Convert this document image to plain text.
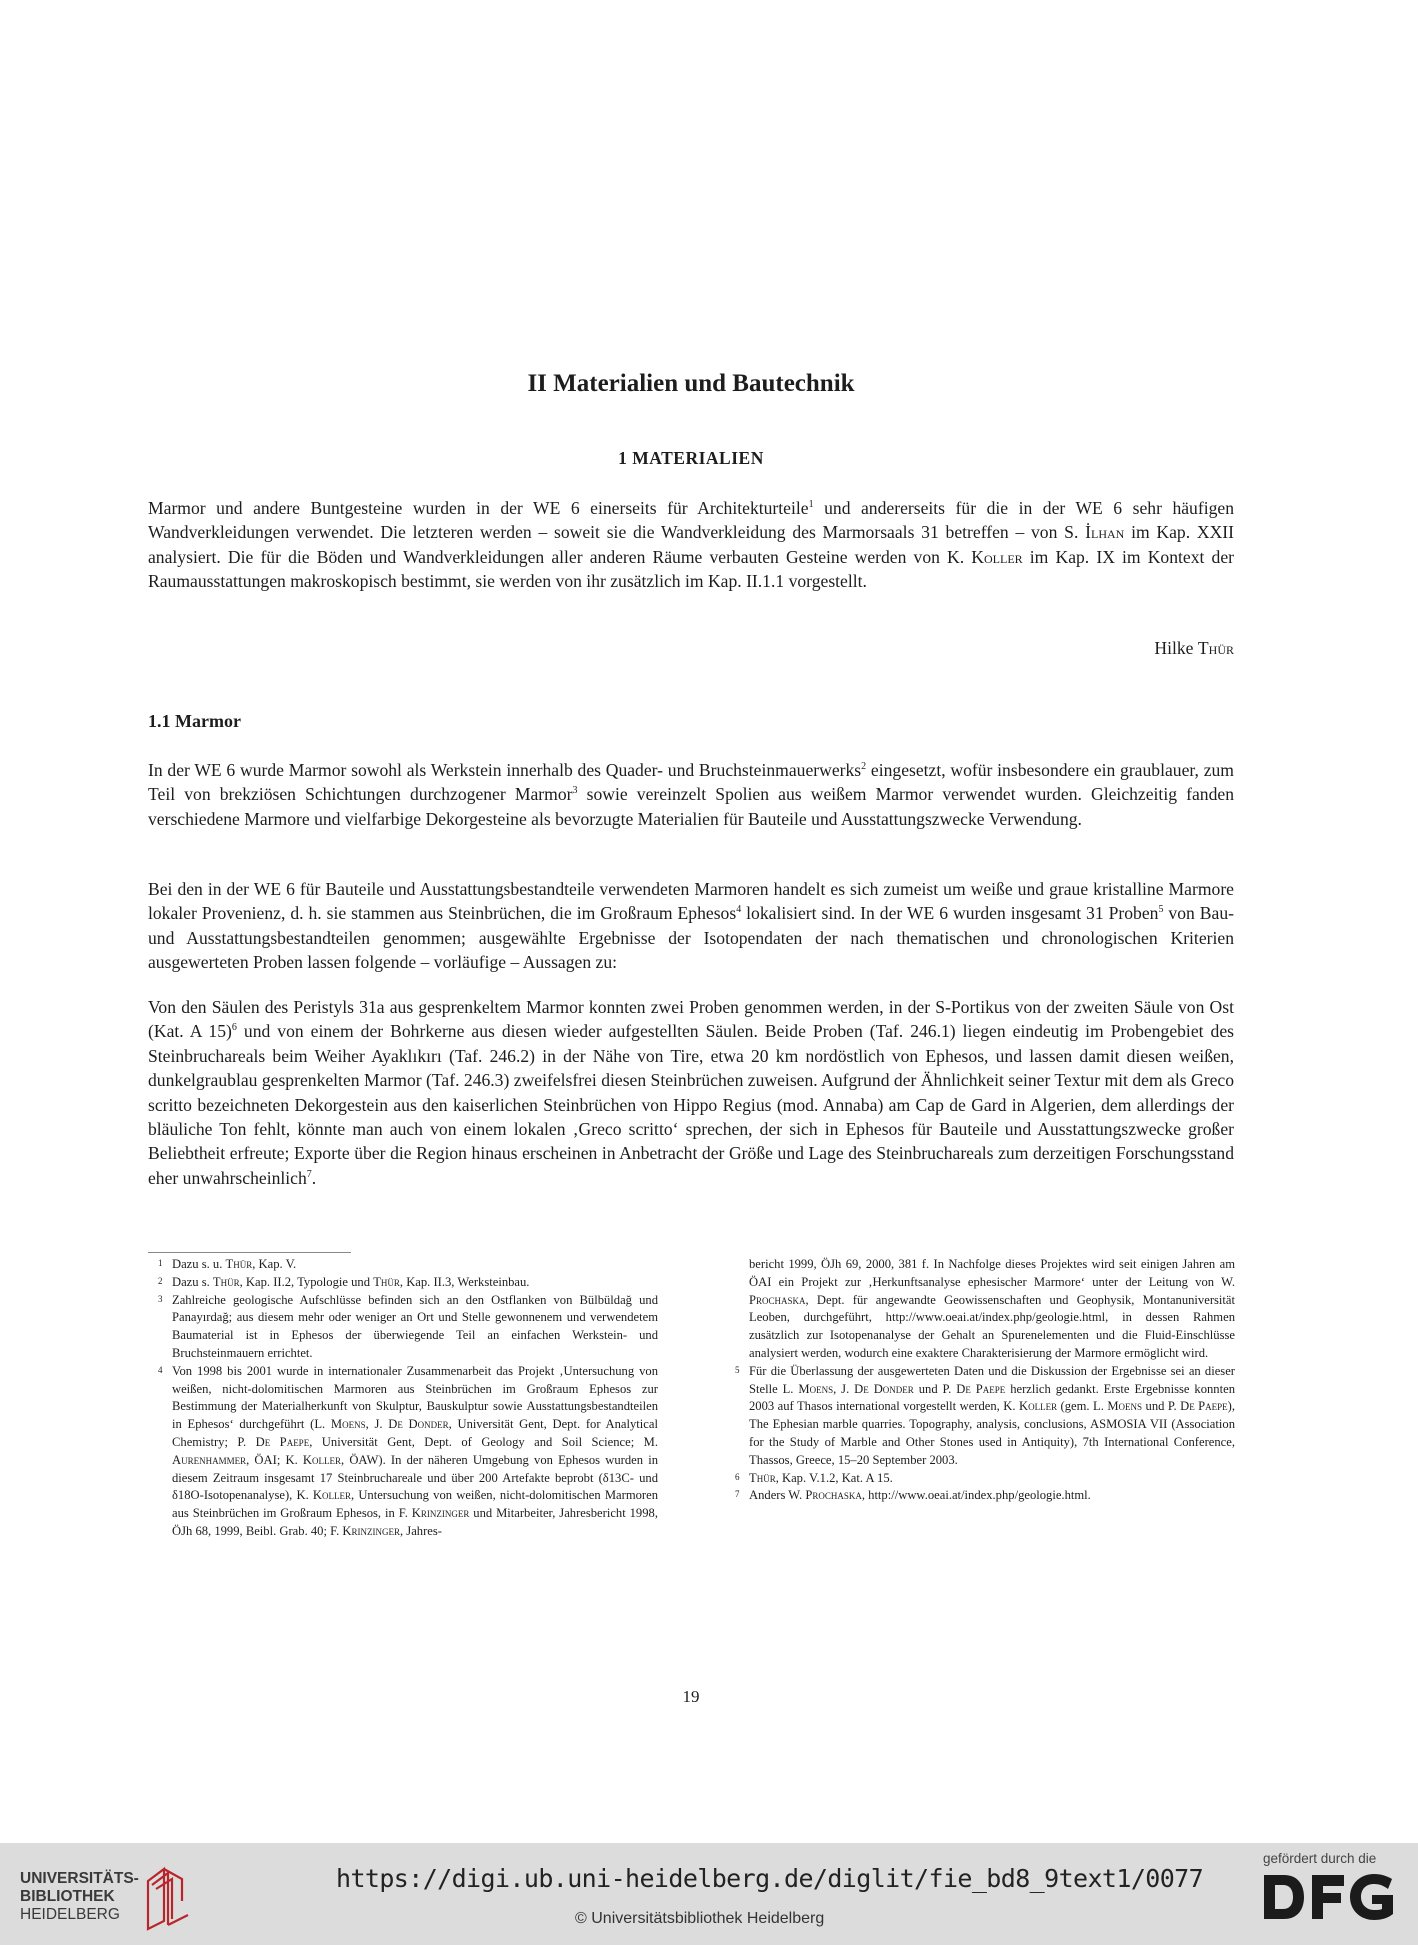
II Materialien und Bautechnik
1 MATERIALIEN

Marmor und andere Buntgesteine wurden in der WE 6 einerseits für Architekturteile$^1$ und andererseits für die in der WE 6 sehr häufigen Wandverkleidungen verwendet. Die letzteren werden – soweit sie die Wandverkleidung des Marmorsaals 31 betreffen – von S. İlhan im Kap. XXII analysiert. Die für die Böden und Wandverkleidungen aller anderen Räume verbauten Gesteine werden von K. Koller im Kap. IX im Kontext der Raumausstattungen makroskopisch bestimmt, sie werden von ihr zusätzlich im Kap. II.1.1 vorgestellt.

Hilke Thür
1.1 Marmor

In der WE 6 wurde Marmor sowohl als Werkstein innerhalb des Quader- und Bruchsteinmauerwerks$^2$ eingesetzt, wofür insbesondere ein graublauer, zum Teil von brekziösen Schichtungen durchzogener Marmor$^3$ sowie vereinzelt Spolien aus weißem Marmor verwendet wurden. Gleichzeitig fanden verschiedene Marmore und vielfarbige Dekorgesteine als bevorzugte Materialien für Bauteile und Ausstattungszwecke Verwendung.

Bei den in der WE 6 für Bauteile und Ausstattungsbestandteile verwendeten Marmoren handelt es sich zumeist um weiße und graue kristalline Marmore lokaler Provenienz, d. h. sie stammen aus Steinbrüchen, die im Großraum Ephesos$^4$ lokalisiert sind. In der WE 6 wurden insgesamt 31 Proben$^5$ von Bau- und Ausstattungsbestandteilen genommen; ausgewählte Ergebnisse der Isotopendaten der nach thematischen und chronologischen Kriterien ausgewerteten Proben lassen folgende – vorläufige – Aussagen zu:

Von den Säulen des Peristyls 31a aus gesprenkeltem Marmor konnten zwei Proben genommen werden, in der S-Portikus von der zweiten Säule von Ost (Kat. A 15)$^6$ und von einem der Bohrkerne aus diesen wieder aufgestellten Säulen. Beide Proben (Taf. 246.1) liegen eindeutig im Probengebiet des Steinbruchareals beim Weiher Ayaklıkırı (Taf. 246.2) in der Nähe von Tire, etwa 20 km nordöstlich von Ephesos, und lassen damit diesen weißen, dunkelgraublau gesprenkelten Marmor (Taf. 246.3) zweifelsfrei diesen Steinbrüchen zuweisen. Aufgrund der Ähnlichkeit seiner Textur mit dem als Greco scritto bezeichneten Dekorgestein aus den kaiserlichen Steinbrüchen von Hippo Regius (mod. Annaba) am Cap de Gard in Algerien, dem allerdings der bläuliche Ton fehlt, könnte man auch von einem lokalen ‚Greco scritto‘ sprechen, der sich in Ephesos für Bauteile und Ausstattungszwecke großer Beliebtheit erfreute; Exporte über die Region hinaus erscheinen in Anbetracht der Größe und Lage des Steinbruchareals zum derzeitigen Forschungsstand eher unwahrscheinlich$^7$.

1 Dazu s. u. Thür, Kap. V.

2 Dazu s. Thür, Kap. II.2, Typologie und Thür, Kap. II.3, Werksteinbau.

3 Zahlreiche geologische Aufschlüsse befinden sich an den Ostflanken von Bülbüldağ und Panayırdağ; aus diesem mehr oder weniger an Ort und Stelle gewonnenem und verwendetem Baumaterial ist in Ephesos der überwiegende Teil an einfachen Werkstein- und Bruchsteinmauern errichtet.

4 Von 1998 bis 2001 wurde in internationaler Zusammenarbeit das Projekt ‚Untersuchung von weißen, nicht-dolomitischen Marmoren aus Steinbrüchen im Großraum Ephesos zur Bestimmung der Materialherkunft von Skulptur, Bauskulptur sowie Ausstattungsbestandteilen in Ephesos‘ durchgeführt (L. Moens, J. De Donder, Universität Gent, Dept. for Analytical Chemistry; P. De Paepe, Universität Gent, Dept. of Geology and Soil Science; M. Aurenhammer, ÖAI; K. Koller, ÖAW). In der näheren Umgebung von Ephesos wurden in diesem Zeitraum insgesamt 17 Steinbruchareale und über 200 Artefakte beprobt (δ13C- und δ18O-Isotopenanalyse), K. Koller, Untersuchung von weißen, nicht-dolomitischen Marmoren aus Steinbrüchen im Großraum Ephesos, in F. Krinzinger und Mitarbeiter, Jahresbericht 1998, ÖJh 68, 1999, Beibl. Grab. 40; F. Krinzinger, Jahres-

bericht 1999, ÖJh 69, 2000, 381 f. In Nachfolge dieses Projektes wird seit einigen Jahren am ÖAI ein Projekt zur ‚Herkunftsanalyse ephesischer Marmore‘ unter der Leitung von W. Prochaska, Dept. für angewandte Geowissenschaften und Geophysik, Montanuniversität Leoben, durchgeführt, http://www.oeai.at/index.php/geologie.html, in dessen Rahmen zusätzlich zur Isotopenanalyse der Gehalt an Spurenelementen und die Fluid-Einschlüsse analysiert werden, wodurch eine exaktere Charakterisierung der Marmore ermöglicht wird.

5 Für die Überlassung der ausgewerteten Daten und die Diskussion der Ergebnisse sei an dieser Stelle L. Moens, J. De Donder und P. De Paepe herzlich gedankt. Erste Ergebnisse konnten 2003 auf Thasos international vorgestellt werden, K. Koller (gem. L. Moens und P. De Paepe), The Ephesian marble quarries. Topography, analysis, conclusions, ASMOSIA VII (Association for the Study of Marble and Other Stones used in Antiquity), 7th International Conference, Thassos, Greece, 15–20 September 2003.

6 Thür, Kap. V.1.2, Kat. A 15.

7 Anders W. Prochaska, http://www.oeai.at/index.php/geologie.html.

19
UNIVERSITÄTS-
BIBLIOTHEK
HEIDELBERG
https://digi.ub.uni-heidelberg.de/diglit/fie_bd8_9text1/0077
© Universitätsbibliothek Heidelberg
gefördert durch die
